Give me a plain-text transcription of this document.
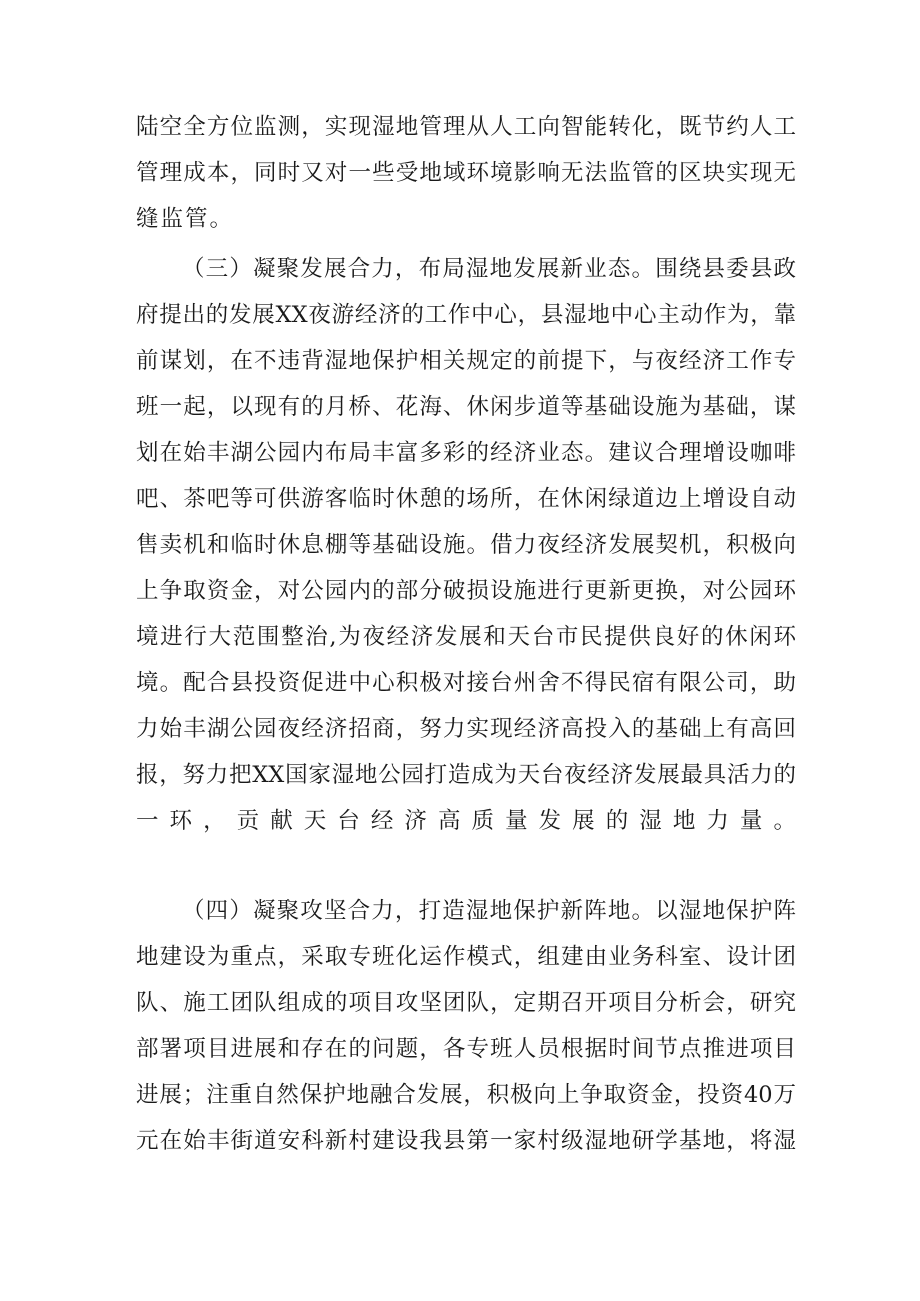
陆空全方位监测，实现湿地管理从人工向智能转化，既节约人工
管理成本，同时又对一些受地域环境影响无法监管的区块实现无
缝监管。
（三）凝聚发展合力，布局湿地发展新业态。围绕县委县政
府提出的发展XX夜游经济的工作中心，县湿地中心主动作为，靠
前谋划，在不违背湿地保护相关规定的前提下，与夜经济工作专
班一起，以现有的月桥、花海、休闲步道等基础设施为基础，谋
划在始丰湖公园内布局丰富多彩的经济业态。建议合理增设咖啡
吧、茶吧等可供游客临时休憩的场所，在休闲绿道边上增设自动
售卖机和临时休息棚等基础设施。借力夜经济发展契机，积极向
上争取资金，对公园内的部分破损设施进行更新更换，对公园环
境进行大范围整治,为夜经济发展和天台市民提供良好的休闲环
境。配合县投资促进中心积极对接台州舍不得民宿有限公司，助
力始丰湖公园夜经济招商，努力实现经济高投入的基础上有高回
报，努力把XX国家湿地公园打造成为天台夜经济发展最具活力的
一环，贡献天台经济高质量发展的湿地力量。
（四）凝聚攻坚合力，打造湿地保护新阵地。以湿地保护阵
地建设为重点，采取专班化运作模式，组建由业务科室、设计团
队、施工团队组成的项目攻坚团队，定期召开项目分析会，研究
部署项目进展和存在的问题，各专班人员根据时间节点推进项目
进展；注重自然保护地融合发展，积极向上争取资金，投资40万
元在始丰街道安科新村建设我县第一家村级湿地研学基地，将湿
